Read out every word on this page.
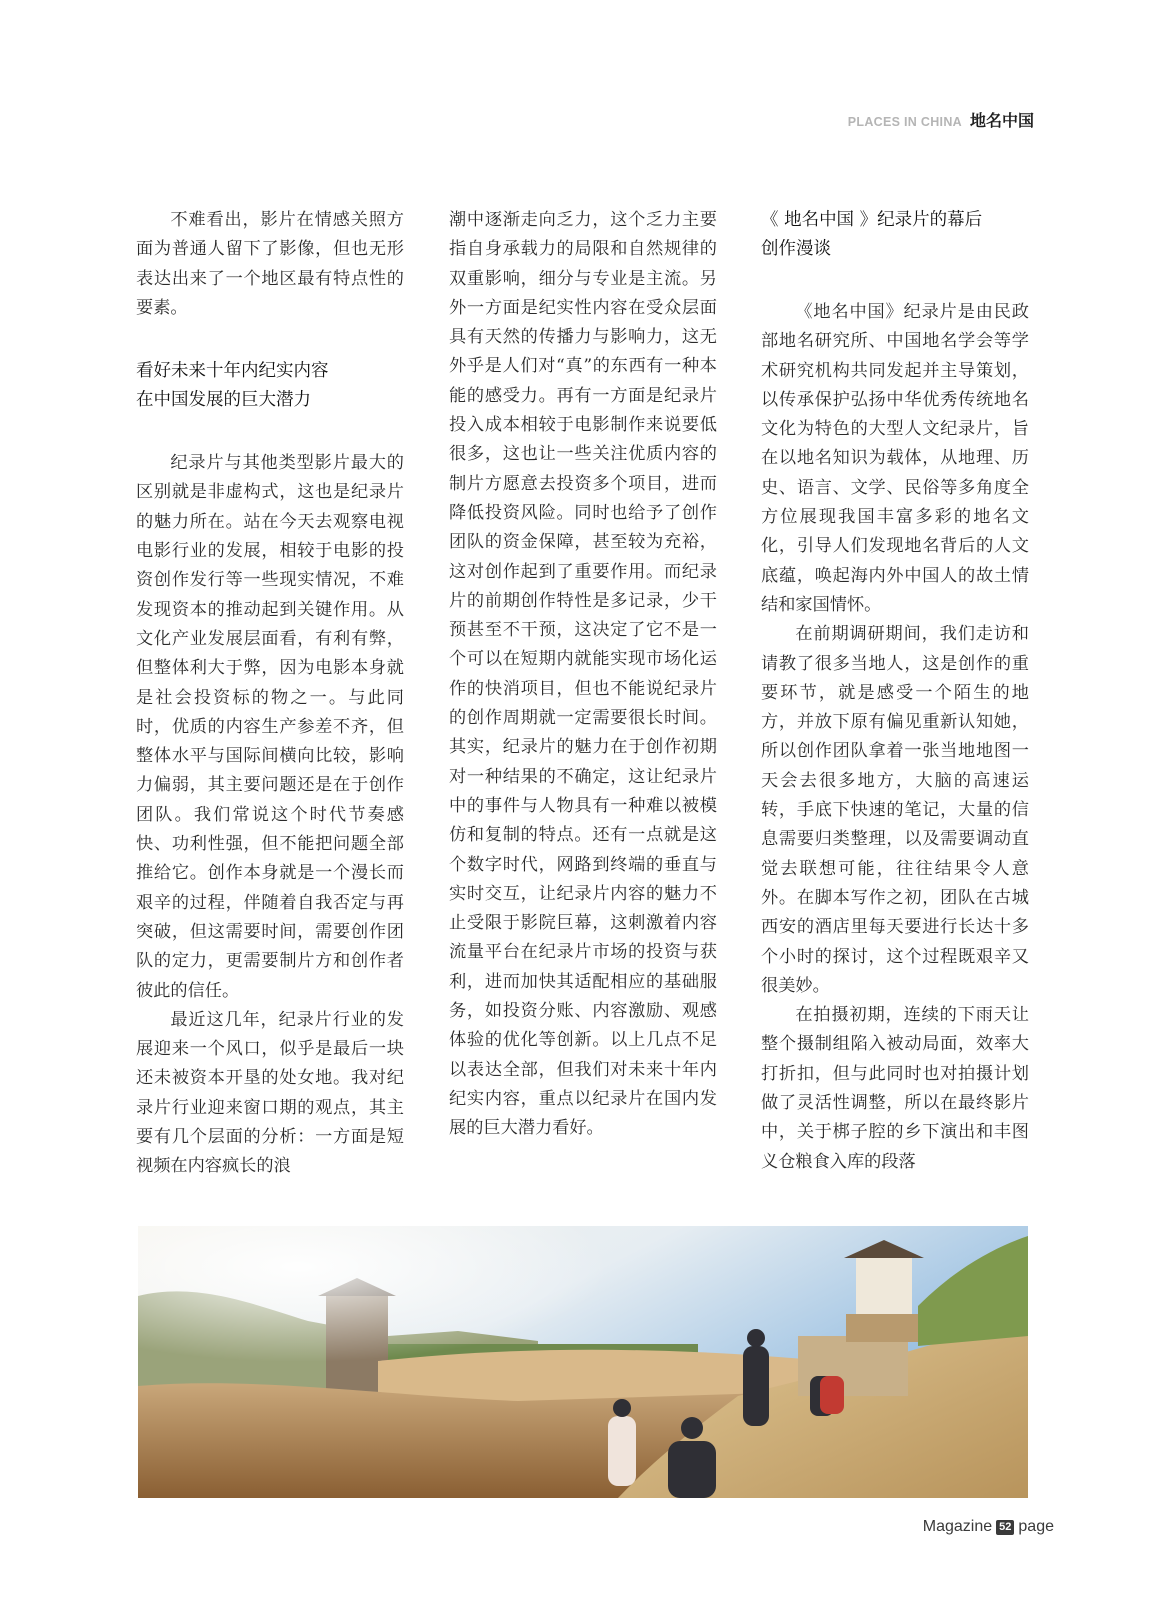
PLACES IN CHINA 地名中国

不难看出，影片在情感关照方面为普通人留下了影像，但也无形表达出来了一个地区最有特点性的要素。

看好未来十年内纪实内容
在中国发展的巨大潜力

纪录片与其他类型影片最大的区别就是非虚构式，这也是纪录片的魅力所在。站在今天去观察电视电影行业的发展，相较于电影的投资创作发行等一些现实情况，不难发现资本的推动起到关键作用。从文化产业发展层面看，有利有弊，但整体利大于弊，因为电影本身就是社会投资标的物之一。与此同时，优质的内容生产参差不齐，但整体水平与国际间横向比较，影响力偏弱，其主要问题还是在于创作团队。我们常说这个时代节奏感快、功利性强，但不能把问题全部推给它。创作本身就是一个漫长而艰辛的过程，伴随着自我否定与再突破，但这需要时间，需要创作团队的定力，更需要制片方和创作者彼此的信任。

最近这几年，纪录片行业的发展迎来一个风口，似乎是最后一块还未被资本开垦的处女地。我对纪录片行业迎来窗口期的观点，其主要有几个层面的分析：一方面是短视频在内容疯长的浪

潮中逐渐走向乏力，这个乏力主要指自身承载力的局限和自然规律的双重影响，细分与专业是主流。另外一方面是纪实性内容在受众层面具有天然的传播力与影响力，这无外乎是人们对“真”的东西有一种本能的感受力。再有一方面是纪录片投入成本相较于电影制作来说要低很多，这也让一些关注优质内容的制片方愿意去投资多个项目，进而降低投资风险。同时也给予了创作团队的资金保障，甚至较为充裕，这对创作起到了重要作用。而纪录片的前期创作特性是多记录，少干预甚至不干预，这决定了它不是一个可以在短期内就能实现市场化运作的快消项目，但也不能说纪录片的创作周期就一定需要很长时间。其实，纪录片的魅力在于创作初期对一种结果的不确定，这让纪录片中的事件与人物具有一种难以被模仿和复制的特点。还有一点就是这个数字时代，网路到终端的垂直与实时交互，让纪录片内容的魅力不止受限于影院巨幕，这刺激着内容流量平台在纪录片市场的投资与获利，进而加快其适配相应的基础服务，如投资分账、内容激励、观感体验的优化等创新。以上几点不足以表达全部，但我们对未来十年内纪实内容，重点以纪录片在国内发展的巨大潜力看好。

《 地名中国 》纪录片的幕后
创作漫谈

《地名中国》纪录片是由民政部地名研究所、中国地名学会等学术研究机构共同发起并主导策划，以传承保护弘扬中华优秀传统地名文化为特色的大型人文纪录片，旨在以地名知识为载体，从地理、历史、语言、文学、民俗等多角度全方位展现我国丰富多彩的地名文化，引导人们发现地名背后的人文底蕴，唤起海内外中国人的故土情结和家国情怀。

在前期调研期间，我们走访和请教了很多当地人，这是创作的重要环节，就是感受一个陌生的地方，并放下原有偏见重新认知她，所以创作团队拿着一张当地地图一天会去很多地方，大脑的高速运转，手底下快速的笔记，大量的信息需要归类整理，以及需要调动直觉去联想可能，往往结果令人意外。在脚本写作之初，团队在古城西安的酒店里每天要进行长达十多个小时的探讨，这个过程既艰辛又很美妙。

在拍摄初期，连续的下雨天让整个摄制组陷入被动局面，效率大打折扣，但与此同时也对拍摄计划做了灵活性调整，所以在最终影片中，关于梆子腔的乡下演出和丰图义仓粮食入库的段落

Magazine 52 page
